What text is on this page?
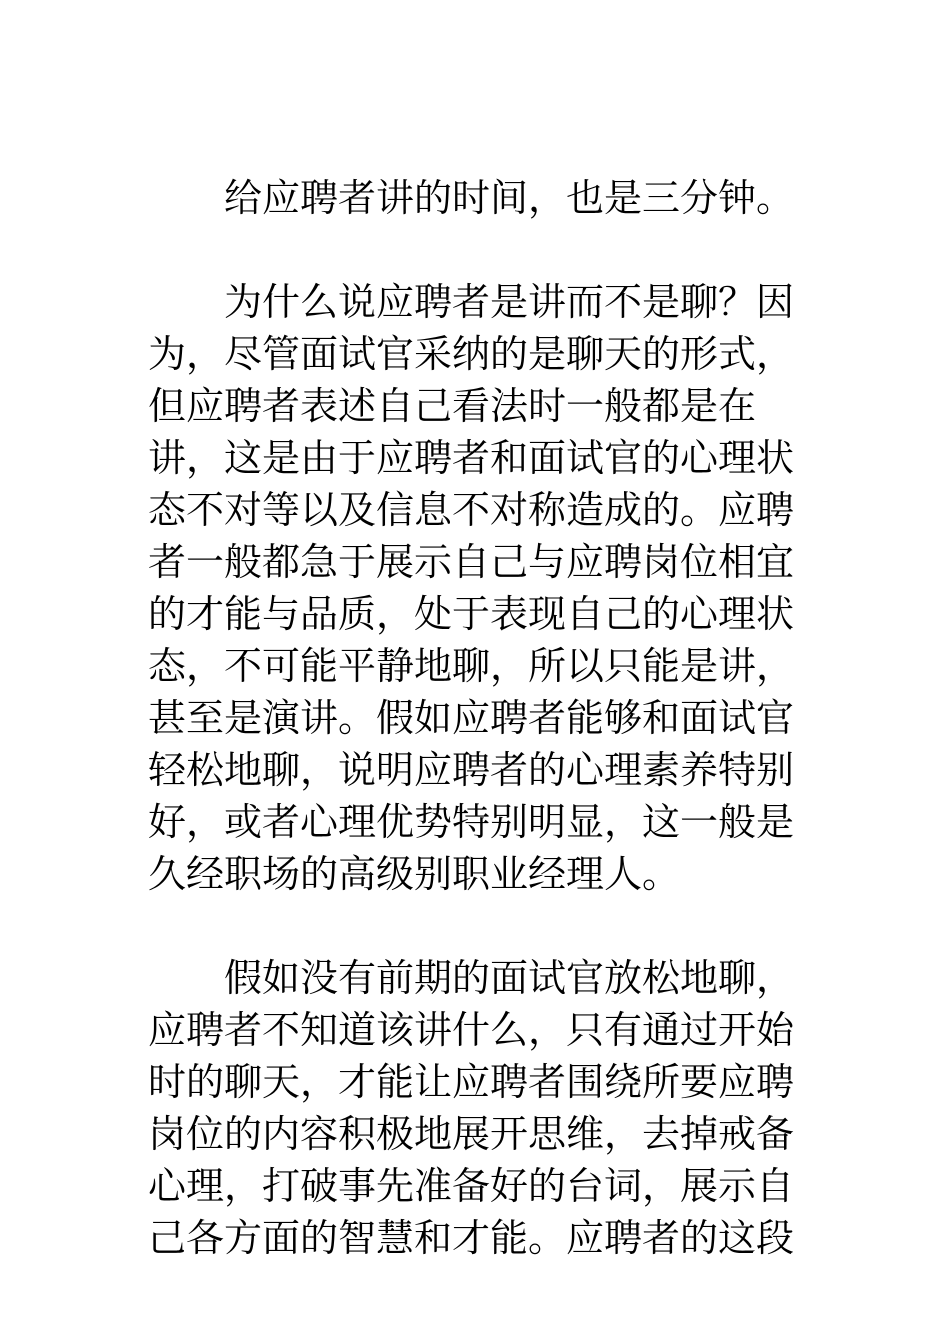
给应聘者讲的时间，也是三分钟。
为什么说应聘者是讲而不是聊？因
为，尽管面试官采纳的是聊天的形式，
但应聘者表述自己看法时一般都是在
讲，这是由于应聘者和面试官的心理状
态不对等以及信息不对称造成的。应聘
者一般都急于展示自己与应聘岗位相宜
的才能与品质，处于表现自己的心理状
态，不可能平静地聊，所以只能是讲，
甚至是演讲。假如应聘者能够和面试官
轻松地聊，说明应聘者的心理素养特别
好，或者心理优势特别明显，这一般是
久经职场的高级别职业经理人。
假如没有前期的面试官放松地聊，
应聘者不知道该讲什么，只有通过开始
时的聊天，才能让应聘者围绕所要应聘
岗位的内容积极地展开思维，去掉戒备
心理，打破事先准备好的台词，展示自
己各方面的智慧和才能。应聘者的这段
